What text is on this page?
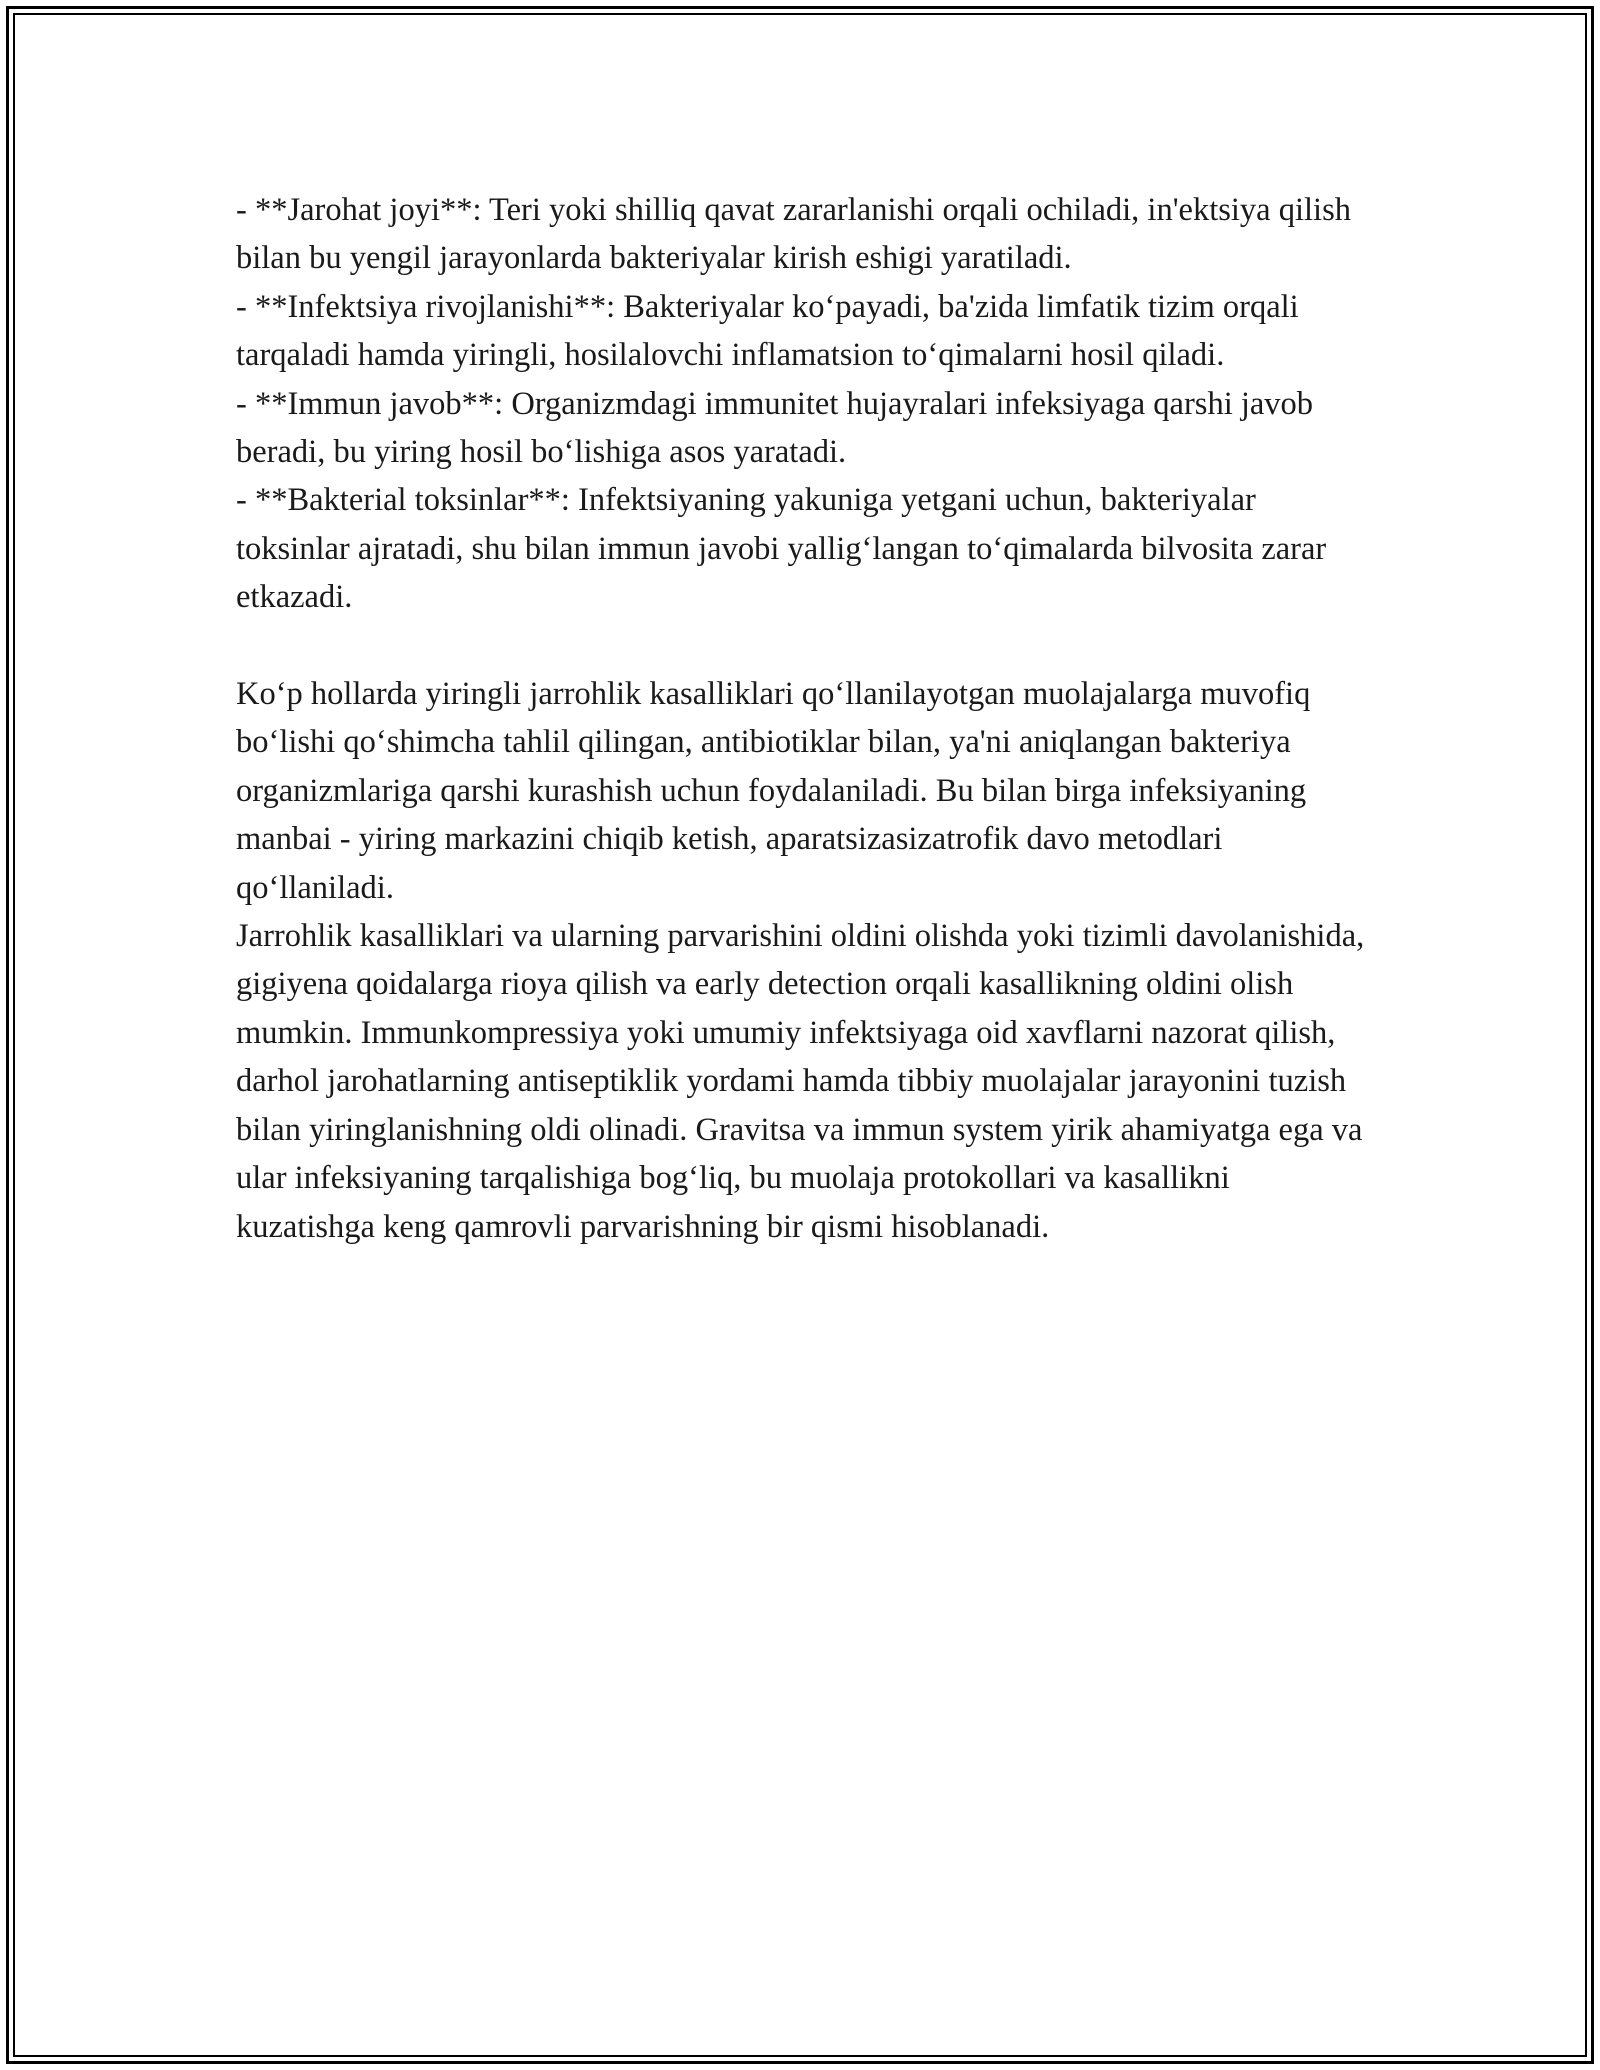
- **Jarohat joyi**: Teri yoki shilliq qavat zararlanishi orqali ochiladi, in'ektsiya qilish bilan bu yengil jarayonlarda bakteriyalar kirish eshigi yaratiladi.

- **Infektsiya rivojlanishi**: Bakteriyalar ko‘payadi, ba'zida limfatik tizim orqali tarqaladi hamda yiringli, hosilalovchi inflamatsion to‘qimalarni hosil qiladi.

- **Immun javob**: Organizmdagi immunitet hujayralari infeksiyaga qarshi javob beradi, bu yiring hosil bo‘lishiga asos yaratadi.

- **Bakterial toksinlar**: Infektsiyaning yakuniga yetgani uchun, bakteriyalar toksinlar ajratadi, shu bilan immun javobi yallig‘langan to‘qimalarda bilvosita zarar etkazadi.

Ko‘p hollarda yiringli jarrohlik kasalliklari qo‘llanilayotgan muolajalarga muvofiq bo‘lishi qo‘shimcha tahlil qilingan, antibiotiklar bilan, ya'ni aniqlangan bakteriya organizmlariga qarshi kurashish uchun foydalaniladi. Bu bilan birga infeksiyaning manbai - yiring markazini chiqib ketish, aparatsizasizatrofik davo metodlari qo‘llaniladi.

Jarrohlik kasalliklari va ularning parvarishini oldini olishda yoki tizimli davolanishida, gigiyena qoidalarga rioya qilish va early detection orqali kasallikning oldini olish mumkin. Immunkompressiya yoki umumiy infektsiyaga oid xavflarni nazorat qilish, darhol jarohatlarning antiseptiklik yordami hamda tibbiy muolajalar jarayonini tuzish bilan yiringlanishning oldi olinadi. Gravitsa va immun system yirik ahamiyatga ega va ular infeksiyaning tarqalishiga bog‘liq, bu muolaja protokollari va kasallikni kuzatishga keng qamrovli parvarishning bir qismi hisoblanadi.
